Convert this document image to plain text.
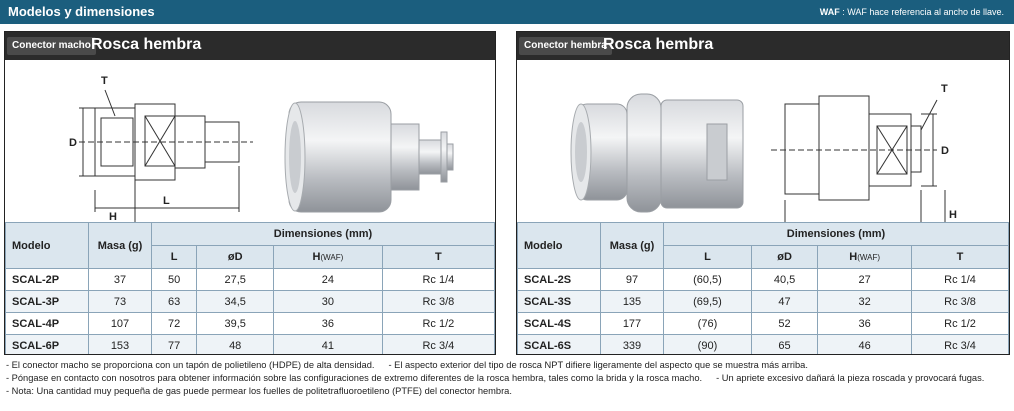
Modelos y dimensiones	WAF : WAF hace referencia al ancho de llave.
Conector macho Rosca hembra
T
D
L
H
Modelo	Masa (g)	Dimensiones (mm)			
		L	øD	H(WAF)	T
SCAL-2P	37	50	27,5	24	Rc 1/4
SCAL-3P	73	63	34,5	30	Rc 3/8
SCAL-4P	107	72	39,5	36	Rc 1/2
SCAL-6P	153	77	48	41	Rc 3/4
Conector hembra
Rosca hembra
T
D
H
Modelo	Masa (g)	Dimensiones (mm)			
		L	øD	H(WAF)	T
SCAL-2S	97	(60,5)	40,5	27	Rc 1/4
SCAL-3S	135	(69,5)	47	32	Rc 3/8
SCAL-4S	177	(76)	52	36	Rc 1/2
SCAL-6S	339	(90)	65	46	Rc 3/4
- El conector macho se proporciona con un tapón de polietileno (HDPE) de alta densidad. - El aspecto exterior del tipo de rosca NPT difiere ligeramente del aspecto que se muestra más arriba.
- Póngase en contacto con nosotros para obtener información sobre las configuraciones de extremo diferentes de la rosca hembra, tales como la brida y la rosca macho. - Un apriete excesivo dañará la pieza roscada y provocará fugas.
- Nota: Una cantidad muy pequeña de gas puede permear los fuelles de politetrafluoroetileno (PTFE) del conector hembra.
